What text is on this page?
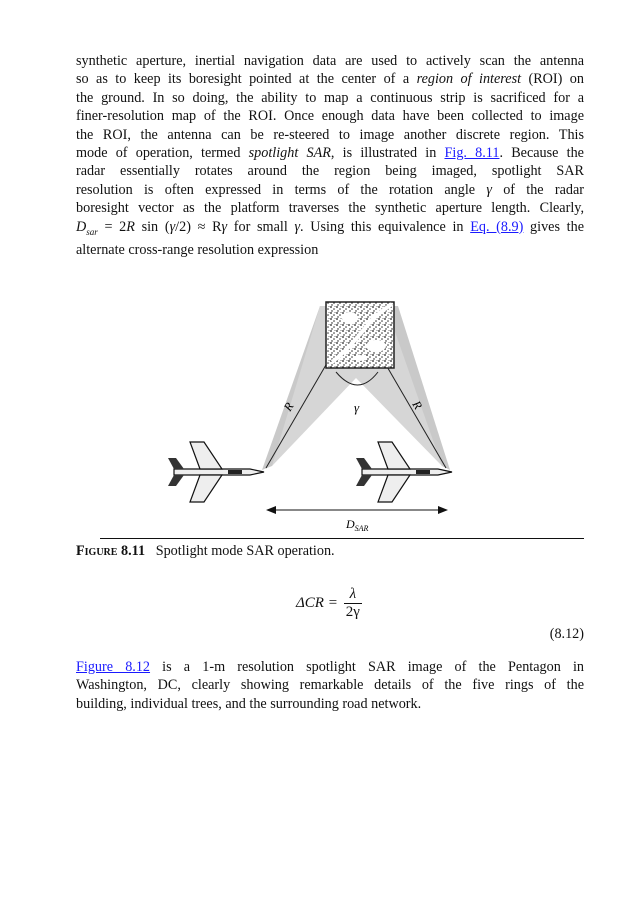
synthetic aperture, inertial navigation data are used to actively scan the antenna
so as to keep its boresight pointed at the center of a region of interest (ROI) on
the ground. In so doing, the ability to map a continuous strip is sacrificed for a
finer-resolution map of the ROI. Once enough data have been collected to image
the ROI, the antenna can be re-steered to image another discrete region. This
mode of operation, termed spotlight SAR, is illustrated in Fig. 8.11. Because the
radar essentially rotates around the region being imaged, spotlight SAR
resolution is often expressed in terms of the rotation angle γ of the radar
boresight vector as the platform traverses the synthetic aperture length. Clearly,
$D_{sar} = 2R$ sin (γ/2) ≈ Rγ for small γ. Using this equivalence in Eq. (8.9) gives the
alternate cross-range resolution expression
R	R
γ
$D_{SAR}$
Figure 8.11 Spotlight mode SAR operation.
$\Delta CR = \frac{\lambda}{2\gamma}$
(8.12)
Figure 8.12 is a 1-m resolution spotlight SAR image of the Pentagon in
Washington, DC, clearly showing remarkable details of the five rings of the
building, individual trees, and the surrounding road network.
